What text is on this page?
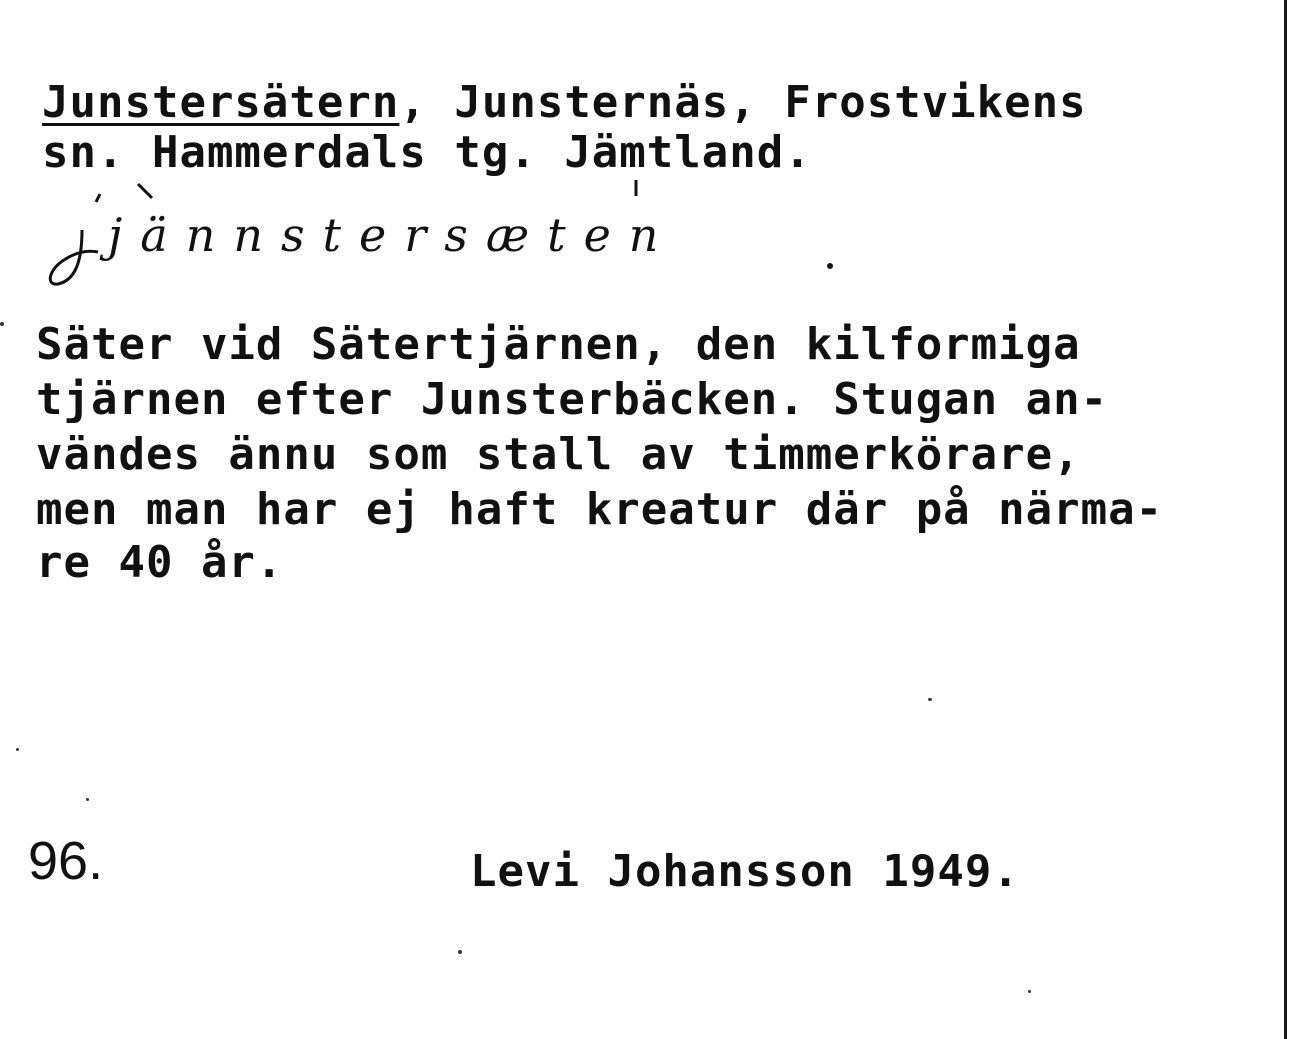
Junstersätern, Junsternäs, Frostvikens
sn. Hammerdals tg. Jämtland.
jännstersæten
Säter vid Sätertjärnen, den kilformiga
tjärnen efter Junsterbäcken. Stugan an-
vändes ännu som stall av timmerkörare,
men man har ej haft kreatur där på närma-
re 40 år.
96.	Levi Johansson 1949.
